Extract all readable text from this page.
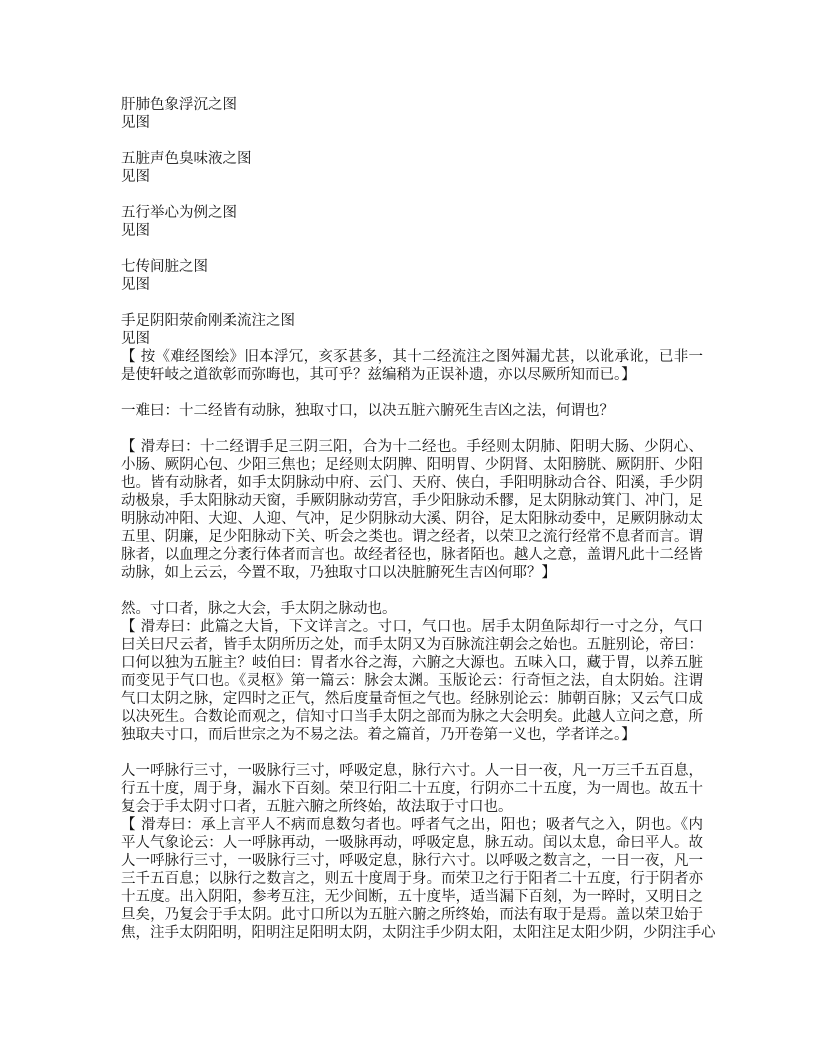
肝肺色象浮沉之图
见图
五脏声色臭味液之图
见图
五行举心为例之图
见图
七传间脏之图
见图
手足阴阳荥俞刚柔流注之图
见图
【 按《难经图绘》旧本浮冗，亥豕甚多，其十二经流注之图舛漏尤甚，以讹承讹，已非一
是使轩岐之道欲彰而弥晦也，其可乎？兹编稍为正误补遗，亦以尽厥所知而已。】
一难曰：十二经皆有动脉，独取寸口，以决五脏六腑死生吉凶之法，何谓也？
【 滑寿曰：十二经谓手足三阴三阳，合为十二经也。手经则太阴肺、阳明大肠、少阴心、
小肠、厥阴心包、少阳三焦也；足经则太阴脾、阳明胃、少阴肾、太阳膀胱、厥阴肝、少阳
也。皆有动脉者，如手太阴脉动中府、云门、天府、侠白，手阳明脉动合谷、阳溪，手少阴
动极泉，手太阳脉动天窗，手厥阴脉动劳宫，手少阳脉动禾髎，足太阴脉动箕门、冲门，足
明脉动冲阳、大迎、人迎、气冲，足少阴脉动大溪、阴谷，足太阳脉动委中，足厥阴脉动太
五里、阴廉，足少阳脉动下关、听会之类也。谓之经者，以荣卫之流行经常不息者而言。谓
脉者，以血理之分袤行体者而言也。故经者径也，脉者陌也。越人之意，盖谓凡此十二经皆
动脉，如上云云，今置不取，乃独取寸口以决脏腑死生吉凶何耶？】
然。寸口者，脉之大会，手太阴之脉动也。
【 滑寿曰：此篇之大旨，下文详言之。寸口，气口也。居手太阴鱼际却行一寸之分，气口
曰关曰尺云者，皆手太阴所历之处，而手太阴又为百脉流注朝会之始也。五脏别论，帝曰：
口何以独为五脏主？岐伯曰：胃者水谷之海，六腑之大源也。五味入口，藏于胃，以养五脏
而变见于气口也。《灵枢》第一篇云：脉会太渊。玉版论云：行奇恒之法，自太阴始。注谓
气口太阴之脉，定四时之正气，然后度量奇恒之气也。经脉别论云：肺朝百脉；又云气口成
以决死生。合数论而观之，信知寸口当手太阴之部而为脉之大会明矣。此越人立问之意，所
独取夫寸口，而后世宗之为不易之法。着之篇首，乃开卷第一义也，学者详之。】
人一呼脉行三寸，一吸脉行三寸，呼吸定息，脉行六寸。人一日一夜，凡一万三千五百息，
行五十度，周于身，漏水下百刻。荣卫行阳二十五度，行阴亦二十五度，为一周也。故五十
复会于手太阴寸口者，五脏六腑之所终始，故法取于寸口也。
【 滑寿曰：承上言平人不病而息数匀者也。呼者气之出，阳也；吸者气之入，阴也。《内
平人气象论云：人一呼脉再动，一吸脉再动，呼吸定息，脉五动。闰以太息，命曰平人。故
人一呼脉行三寸，一吸脉行三寸，呼吸定息，脉行六寸。以呼吸之数言之，一日一夜，凡一
三千五百息；以脉行之数言之，则五十度周于身。而荣卫之行于阳者二十五度，行于阴者亦
十五度。出入阴阳，参考互注，无少间断，五十度毕，适当漏下百刻，为一晬时，又明日之
旦矣，乃复会于手太阴。此寸口所以为五脏六腑之所终始，而法有取于是焉。盖以荣卫始于
焦，注手太阴阳明，阳明注足阳明太阴，太阴注手少阴太阳，太阳注足太阳少阴，少阴注手心
